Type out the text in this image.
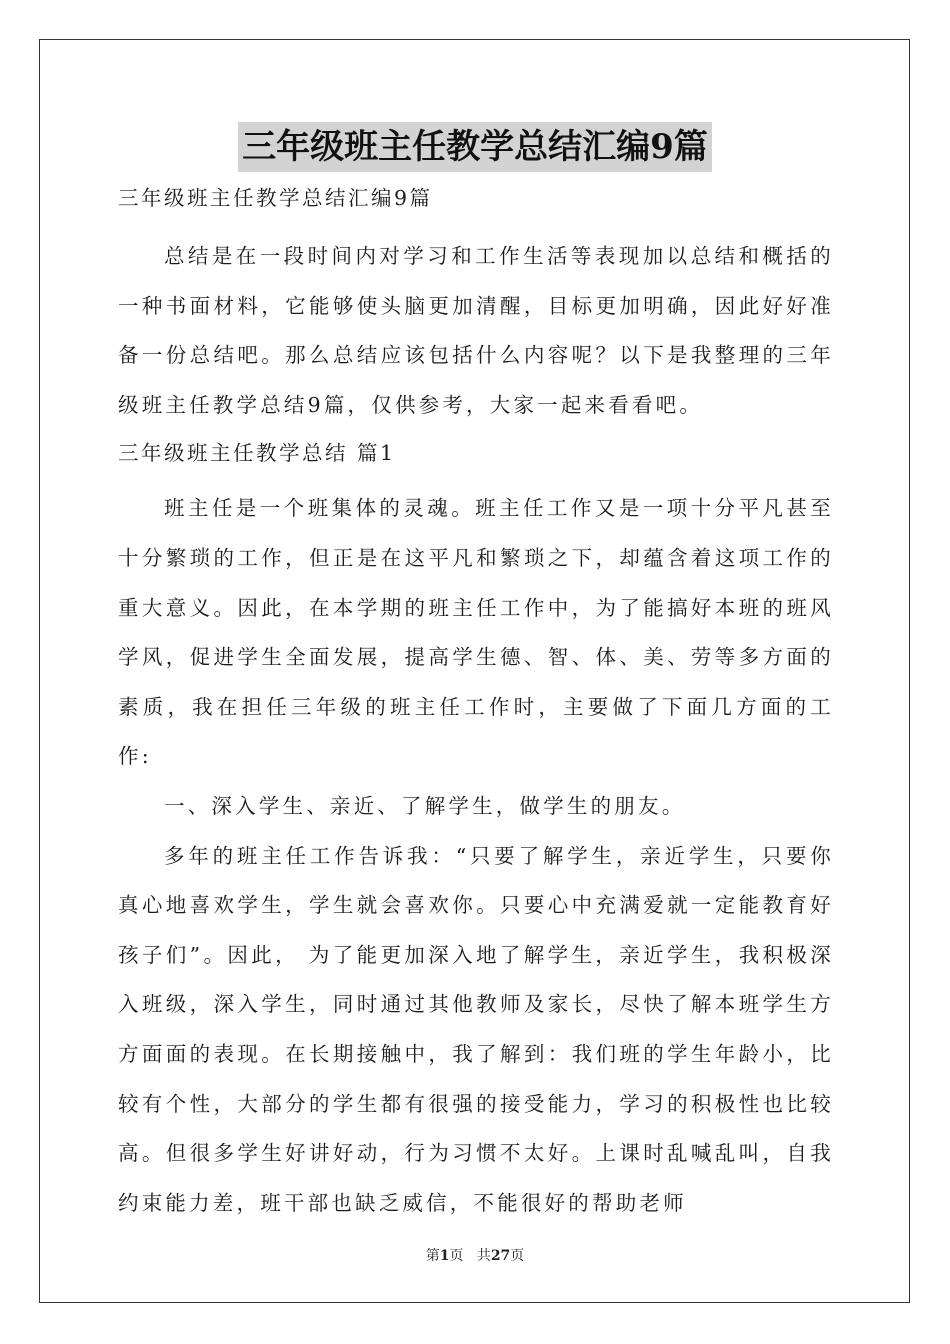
三年级班主任教学总结汇编9篇
三年级班主任教学总结汇编9篇

总结是在一段时间内对学习和工作生活等表现加以总结和概括的一种书面材料，它能够使头脑更加清醒，目标更加明确，因此好好准备一份总结吧。那么总结应该包括什么内容呢？以下是我整理的三年级班主任教学总结9篇，仅供参考，大家一起来看看吧。

三年级班主任教学总结 篇1

班主任是一个班集体的灵魂。班主任工作又是一项十分平凡甚至十分繁琐的工作，但正是在这平凡和繁琐之下，却蕴含着这项工作的重大意义。因此，在本学期的班主任工作中，为了能搞好本班的班风学风，促进学生全面发展，提高学生德、智、体、美、劳等多方面的素质，我在担任三年级的班主任工作时，主要做了下面几方面的工作:

一、深入学生、亲近、了解学生，做学生的朋友。

多年的班主任工作告诉我：“只要了解学生，亲近学生，只要你真心地喜欢学生，学生就会喜欢你。只要心中充满爱就一定能教育好孩子们”。因此， 为了能更加深入地了解学生，亲近学生，我积极深入班级，深入学生，同时通过其他教师及家长，尽快了解本班学生方方面面的表现。在长期接触中，我了解到：我们班的学生年龄小，比较有个性，大部分的学生都有很强的接受能力，学习的积极性也比较高。但很多学生好讲好动，行为习惯不太好。上课时乱喊乱叫，自我约束能力差，班干部也缺乏威信，不能很好的帮助老师

第1页 共27页
